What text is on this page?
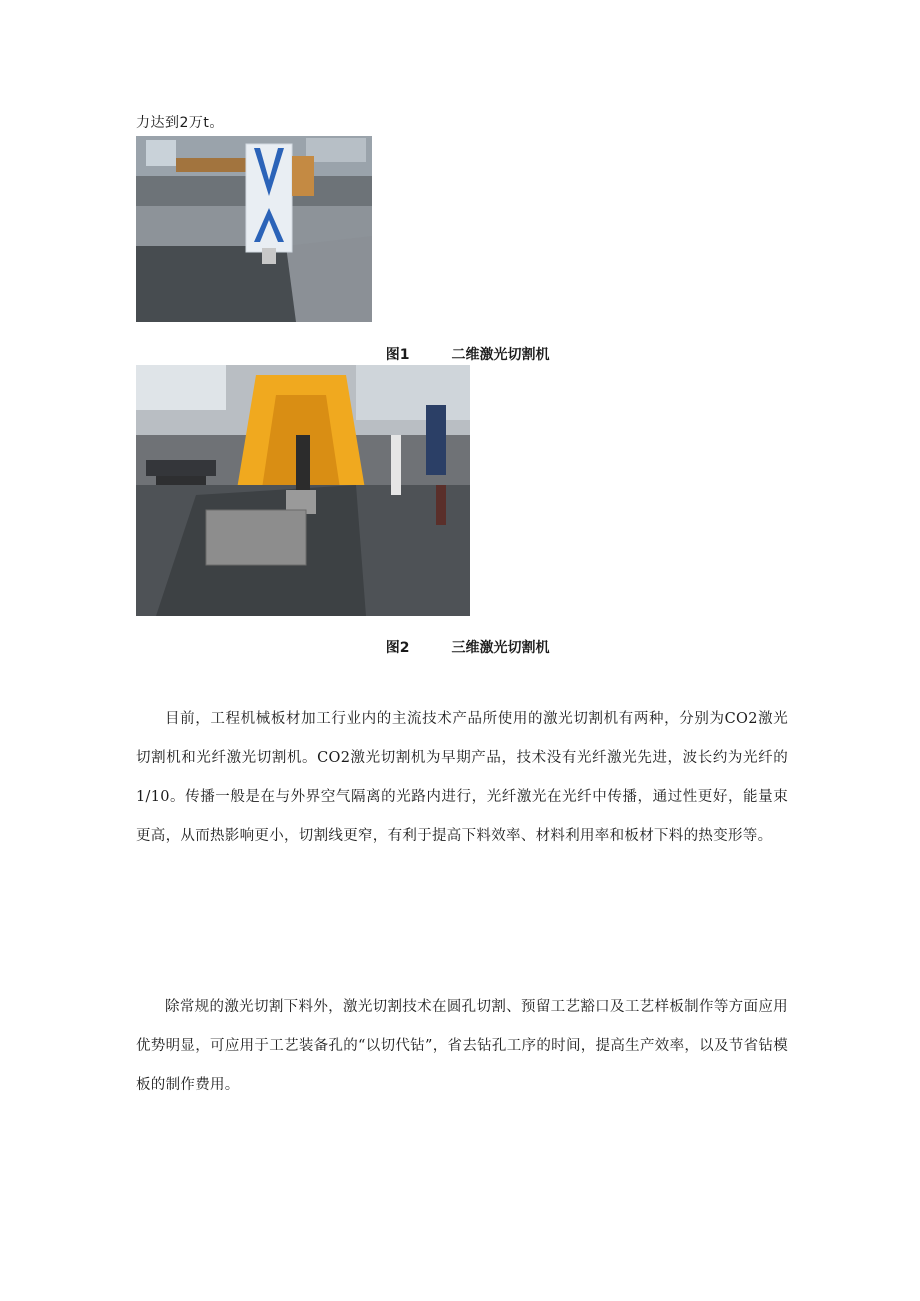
力达到2万t。

图1	二维激光切割机

图2	三维激光切割机

目前，工程机械板材加工行业内的主流技术产品所使用的激光切割机有两种，分别为CO2激光切割机和光纤激光切割机。CO2激光切割机为早期产品，技术没有光纤激光先进，波长约为光纤的1/10。传播一般是在与外界空气隔离的光路内进行，光纤激光在光纤中传播，通过性更好，能量束更高，从而热影响更小，切割线更窄，有利于提高下料效率、材料利用率和板材下料的热变形等。

除常规的激光切割下料外，激光切割技术在圆孔切割、预留工艺豁口及工艺样板制作等方面应用优势明显，可应用于工艺装备孔的“以切代钻”，省去钻孔工序的时间，提高生产效率，以及节省钻模板的制作费用。
